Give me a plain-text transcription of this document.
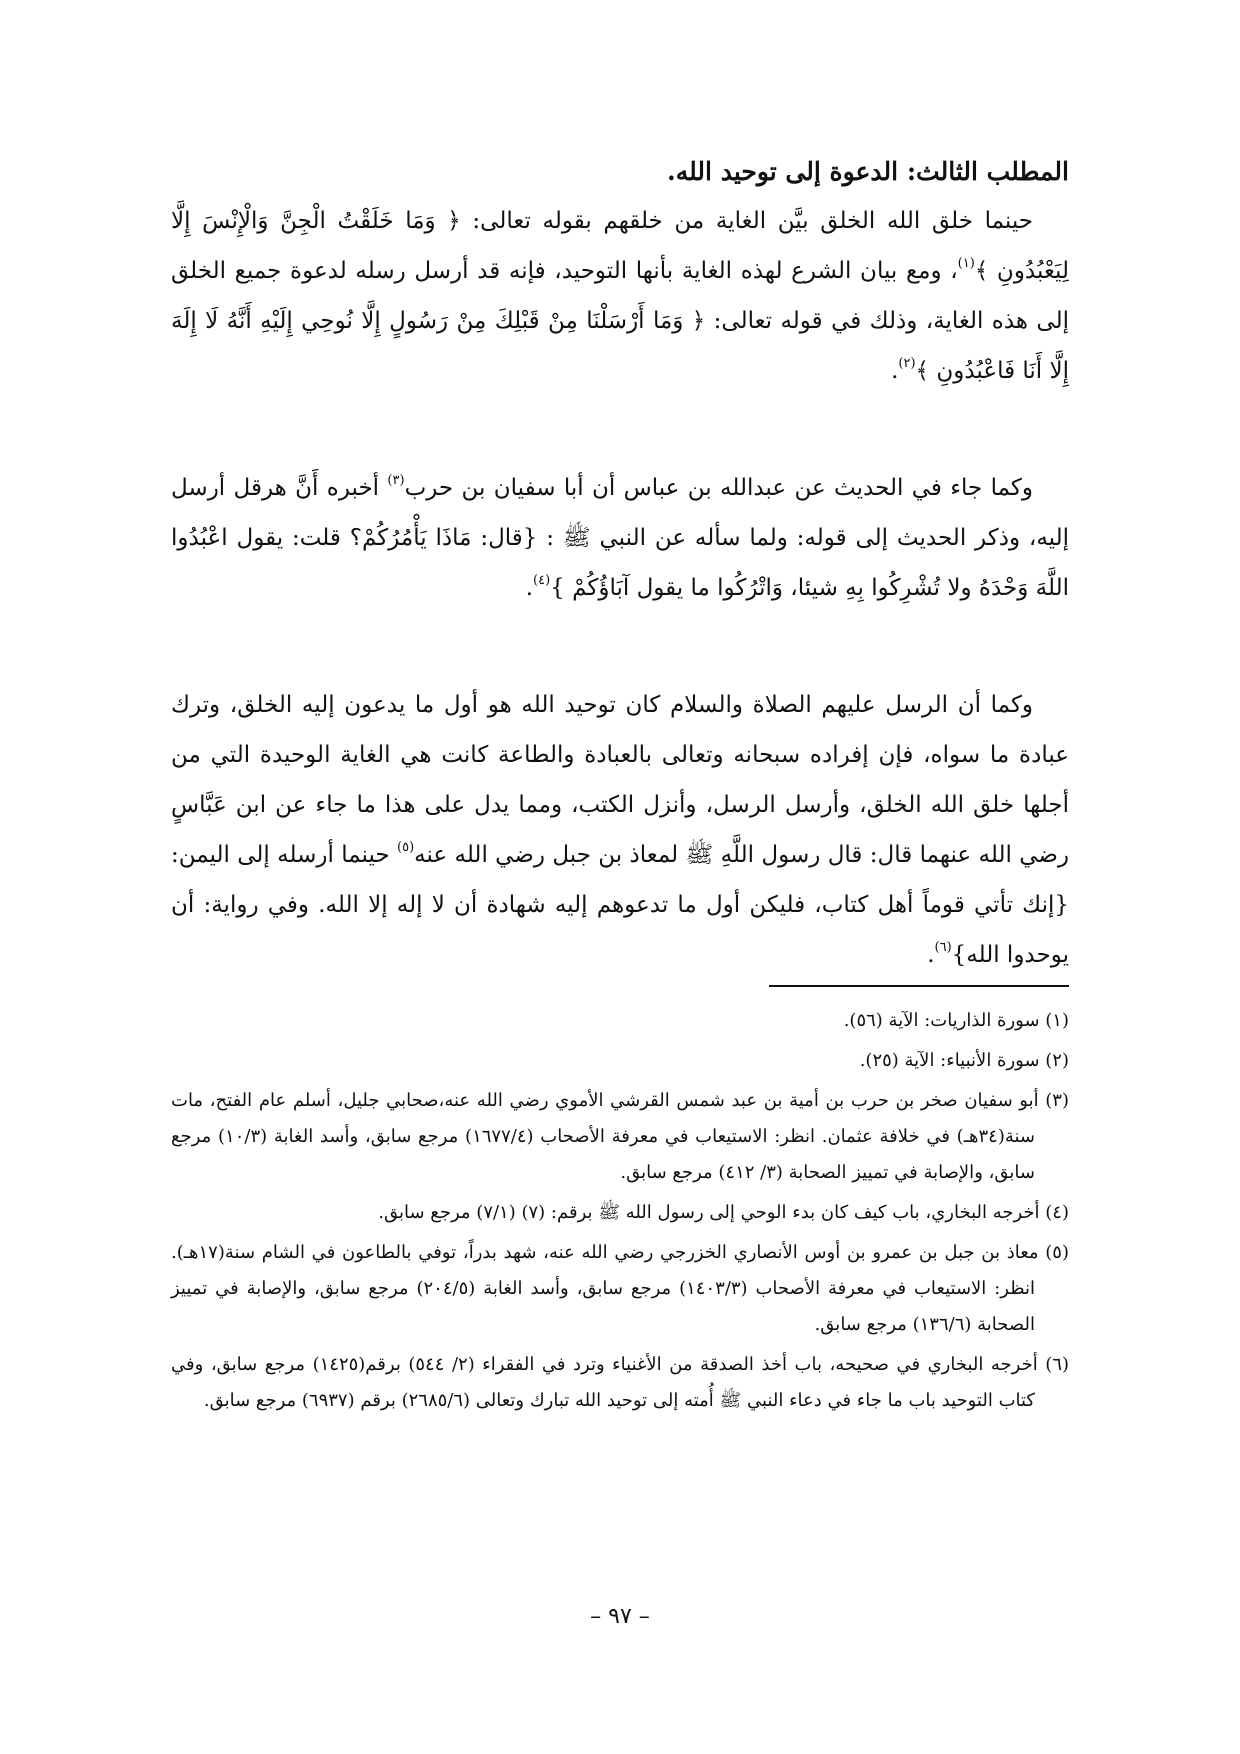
المطلب الثالث: الدعوة إلى توحيد الله.

حينما خلق الله الخلق بيَّن الغاية من خلقهم بقوله تعالى: ﴿ وَمَا خَلَقْتُ الْجِنَّ وَالْإِنْسَ إِلَّا لِيَعْبُدُونِ ﴾$^{(١)}$، ومع بيان الشرع لهذه الغاية بأنها التوحيد، فإنه قد أرسل رسله لدعوة جميع الخلق إلى هذه الغاية، وذلك في قوله تعالى: ﴿ وَمَا أَرْسَلْنَا مِنْ قَبْلِكَ مِنْ رَسُولٍ إِلَّا نُوحِي إِلَيْهِ أَنَّهُ لَا إِلَهَ إِلَّا أَنَا فَاعْبُدُونِ ﴾$^{(٢)}$.

وكما جاء في الحديث عن عبدالله بن عباس أن أبا سفيان بن حرب$^{(٣)}$ أخبره أَنَّ هرقل أرسل إليه، وذكر الحديث إلى قوله: ولما سأله عن النبي ﷺ : {قال: مَاذَا يَأْمُرُكُمْ؟ قلت: يقول اعْبُدُوا اللَّهَ وَحْدَهُ ولا تُشْرِكُوا بِهِ شيئا، وَاتْرُكُوا ما يقول آبَاؤُكُمْ }$^{(٤)}$.

وكما أن الرسل عليهم الصلاة والسلام كان توحيد الله هو أول ما يدعون إليه الخلق، وترك عبادة ما سواه، فإن إفراده سبحانه وتعالى بالعبادة والطاعة كانت هي الغاية الوحيدة التي من أجلها خلق الله الخلق، وأرسل الرسل، وأنزل الكتب، ومما يدل على هذا ما جاء عن ابن عَبَّاسٍ رضي الله عنهما قال: قال رسول اللَّهِ ﷺ لمعاذ بن جبل رضي الله عنه$^{(٥)}$ حينما أرسله إلى اليمن: {إنك تأتي قوماً أهل كتاب، فليكن أول ما تدعوهم إليه شهادة أن لا إله إلا الله. وفي رواية: أن يوحدوا الله}$^{(٦)}$.

(١) سورة الذاريات: الآية (٥٦).
(٢) سورة الأنبياء: الآية (٢٥).
(٣) أبو سفيان صخر بن حرب بن أمية بن عبد شمس القرشي الأموي رضي الله عنه،صحابي جليل، أسلم عام الفتح، مات سنة(٣٤هـ) في خلافة عثمان. انظر: الاستيعاب في معرفة الأصحاب (١٦٧٧/٤) مرجع سابق، وأسد الغابة (١٠/٣) مرجع سابق، والإصابة في تمييز الصحابة (٣/ ٤١٢) مرجع سابق.
(٤) أخرجه البخاري، باب كيف كان بدء الوحي إلى رسول الله ﷺ برقم: (٧) (٧/١) مرجع سابق.
(٥) معاذ بن جبل بن عمرو بن أوس الأنصاري الخزرجي رضي الله عنه، شهد بدراً، توفي بالطاعون في الشام سنة(١٧هـ). انظر: الاستيعاب في معرفة الأصحاب (١٤٠٣/٣) مرجع سابق، وأسد الغابة (٢٠٤/٥) مرجع سابق، والإصابة في تمييز الصحابة (١٣٦/٦) مرجع سابق.
(٦) أخرجه البخاري في صحيحه، باب أخذ الصدقة من الأغنياء وترد في الفقراء (٢/ ٥٤٤) برقم(١٤٢٥) مرجع سابق، وفي كتاب التوحيد باب ما جاء في دعاء النبي ﷺ أُمته إلى توحيد الله تبارك وتعالى (٢٦٨٥/٦) برقم (٦٩٣٧) مرجع سابق.
– ٩٧ –
